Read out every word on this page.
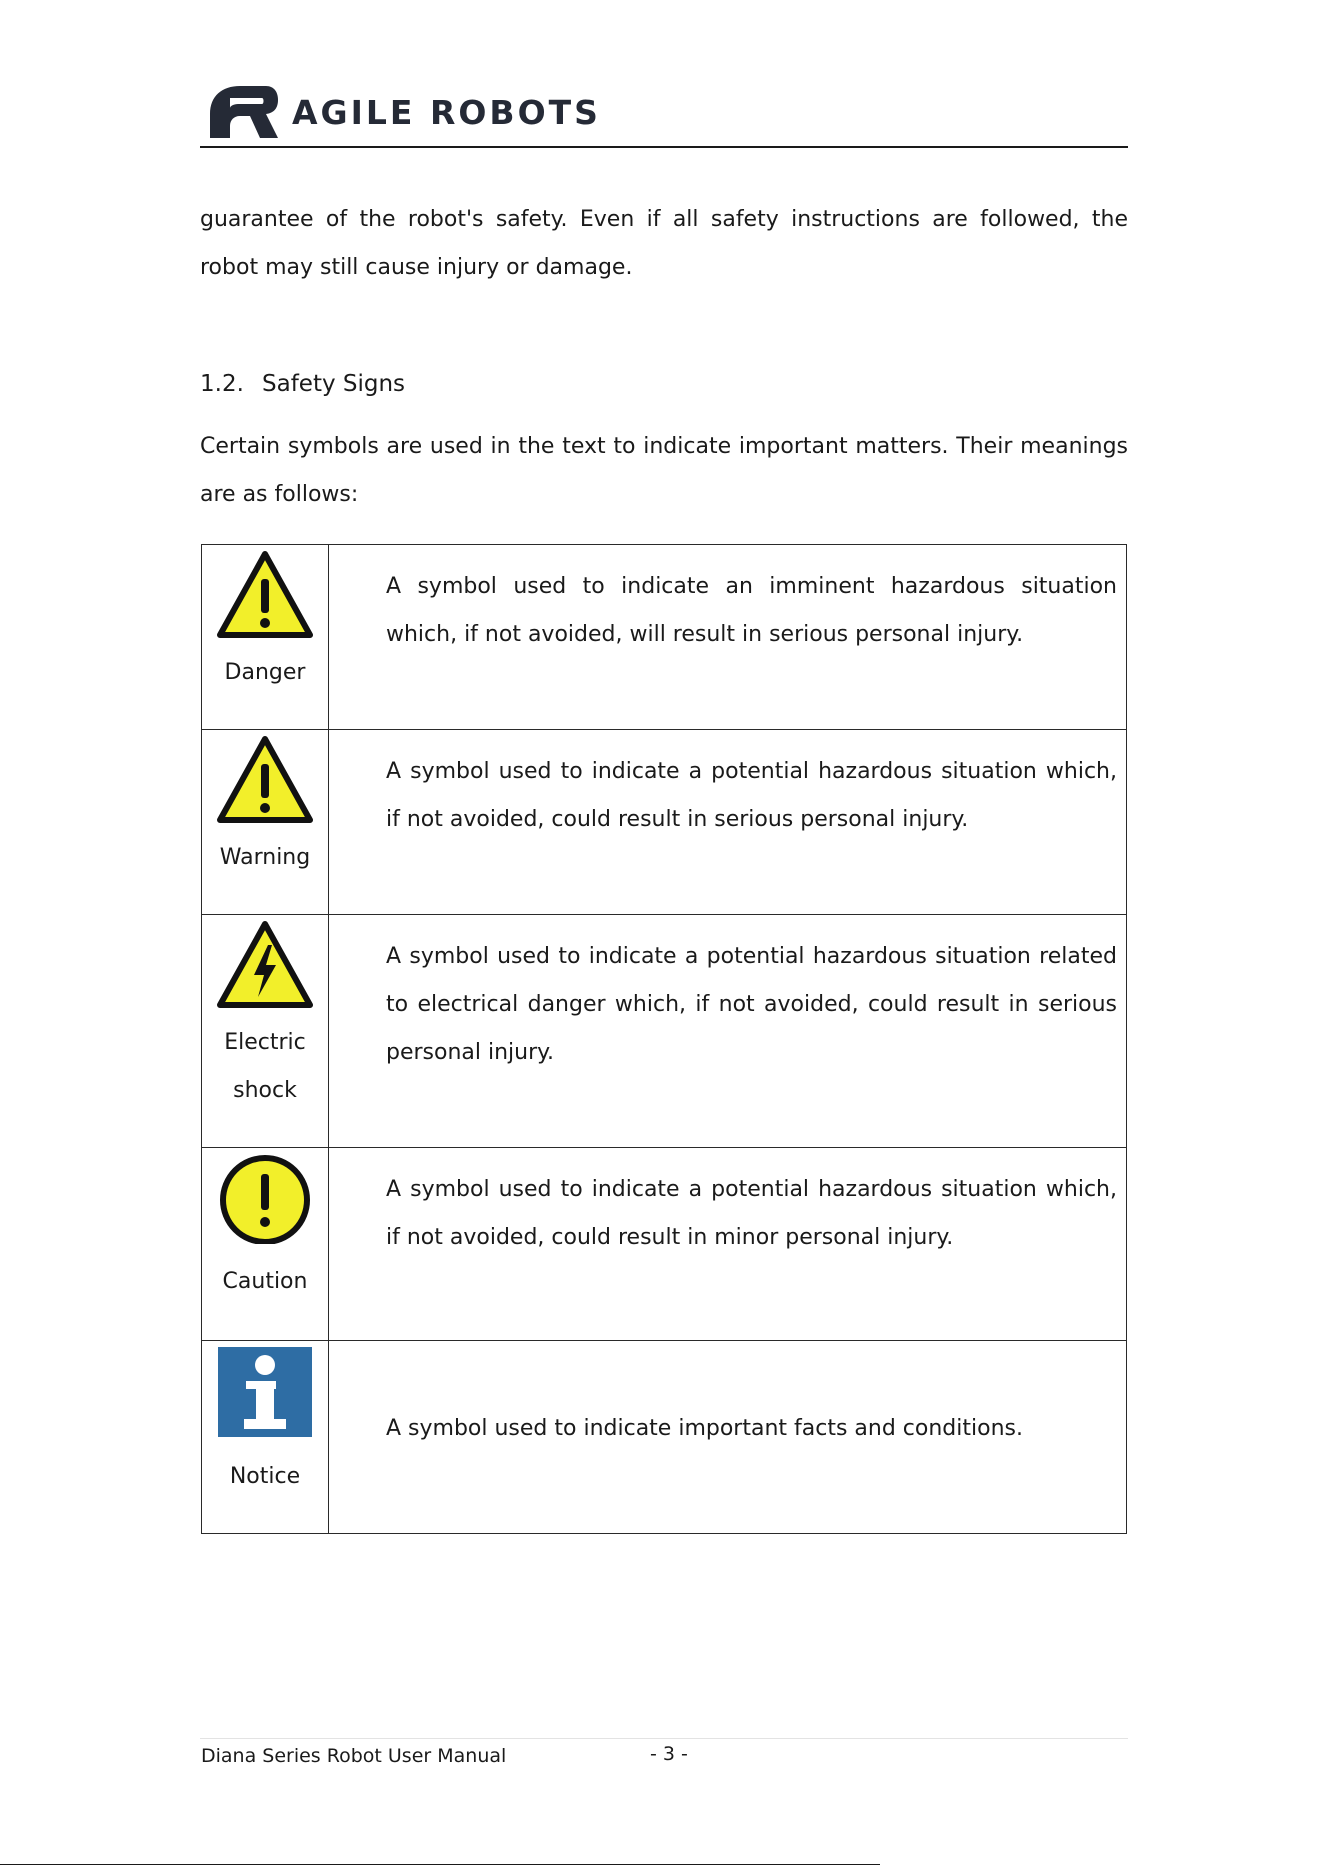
AGILE ROBOTS
guarantee of the robot's safety. Even if all safety instructions are followed, the robot may still cause injury or damage.
1.2. Safety Signs
Certain symbols are used in the text to indicate important matters. Their meanings are as follows:
Danger	A symbol used to indicate an imminent hazardous situation which, if not avoided, will result in serious personal injury.

Warning	A symbol used to indicate a potential hazardous situation which, if not avoided, could result in serious personal injury.

Electric shock	A symbol used to indicate a potential hazardous situation related to electrical danger which, if not avoided, could result in serious personal injury.

Caution	A symbol used to indicate a potential hazardous situation which, if not avoided, could result in minor personal injury.

Notice	A symbol used to indicate important facts and conditions.
Diana Series Robot User Manual	- 3 -
